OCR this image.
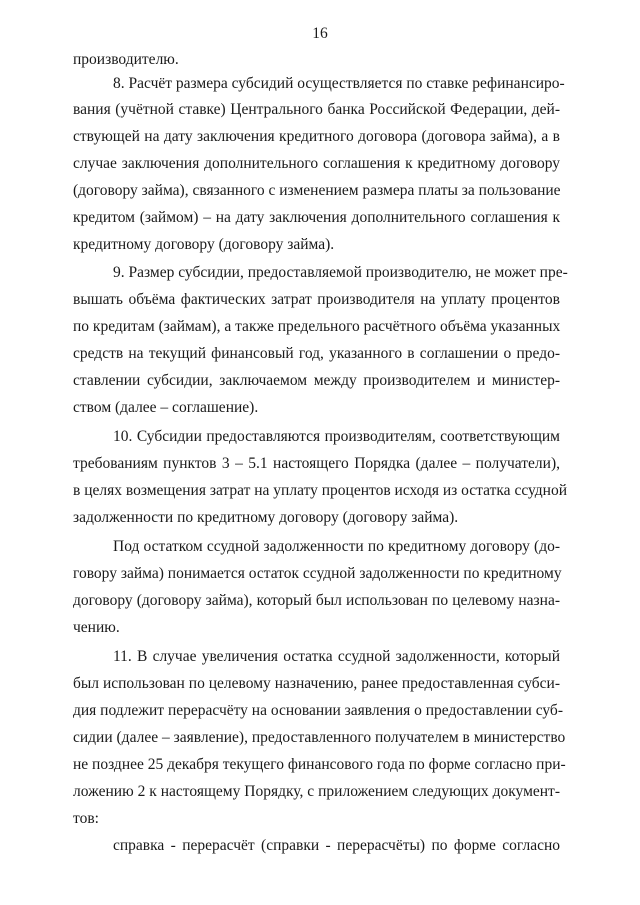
16
производителю.
8. Расчёт размера субсидий осуществляется по ставке рефинансиро-
вания (учётной ставке) Центрального банка Российской Федерации, дей-
ствующей на дату заключения кредитного договора (договора займа), а в
случае заключения дополнительного соглашения к кредитному договору
(договору займа), связанного с изменением размера платы за пользование
кредитом (займом) – на дату заключения дополнительного соглашения к
кредитному договору (договору займа).
9. Размер субсидии, предоставляемой производителю, не может пре-
вышать объёма фактических затрат производителя на уплату процентов
по кредитам (займам), а также предельного расчётного объёма указанных
средств на текущий финансовый год, указанного в соглашении о предо-
ставлении субсидии, заключаемом между производителем и министер-
ством (далее – соглашение).
10. Субсидии предоставляются производителям, соответствующим
требованиям пунктов 3 – 5.1 настоящего Порядка (далее – получатели),
в целях возмещения затрат на уплату процентов исходя из остатка ссудной
задолженности по кредитному договору (договору займа).
Под остатком ссудной задолженности по кредитному договору (до-
говору займа) понимается остаток ссудной задолженности по кредитному
договору (договору займа), который был использован по целевому назна-
чению.
11. В случае увеличения остатка ссудной задолженности, который
был использован по целевому назначению, ранее предоставленная субси-
дия подлежит перерасчёту на основании заявления о предоставлении суб-
сидии (далее – заявление), предоставленного получателем в министерство
не позднее 25 декабря текущего финансового года по форме согласно при-
ложению 2 к настоящему Порядку, с приложением следующих документ-
тов:
справка - перерасчёт (справки - перерасчёты) по форме согласно
